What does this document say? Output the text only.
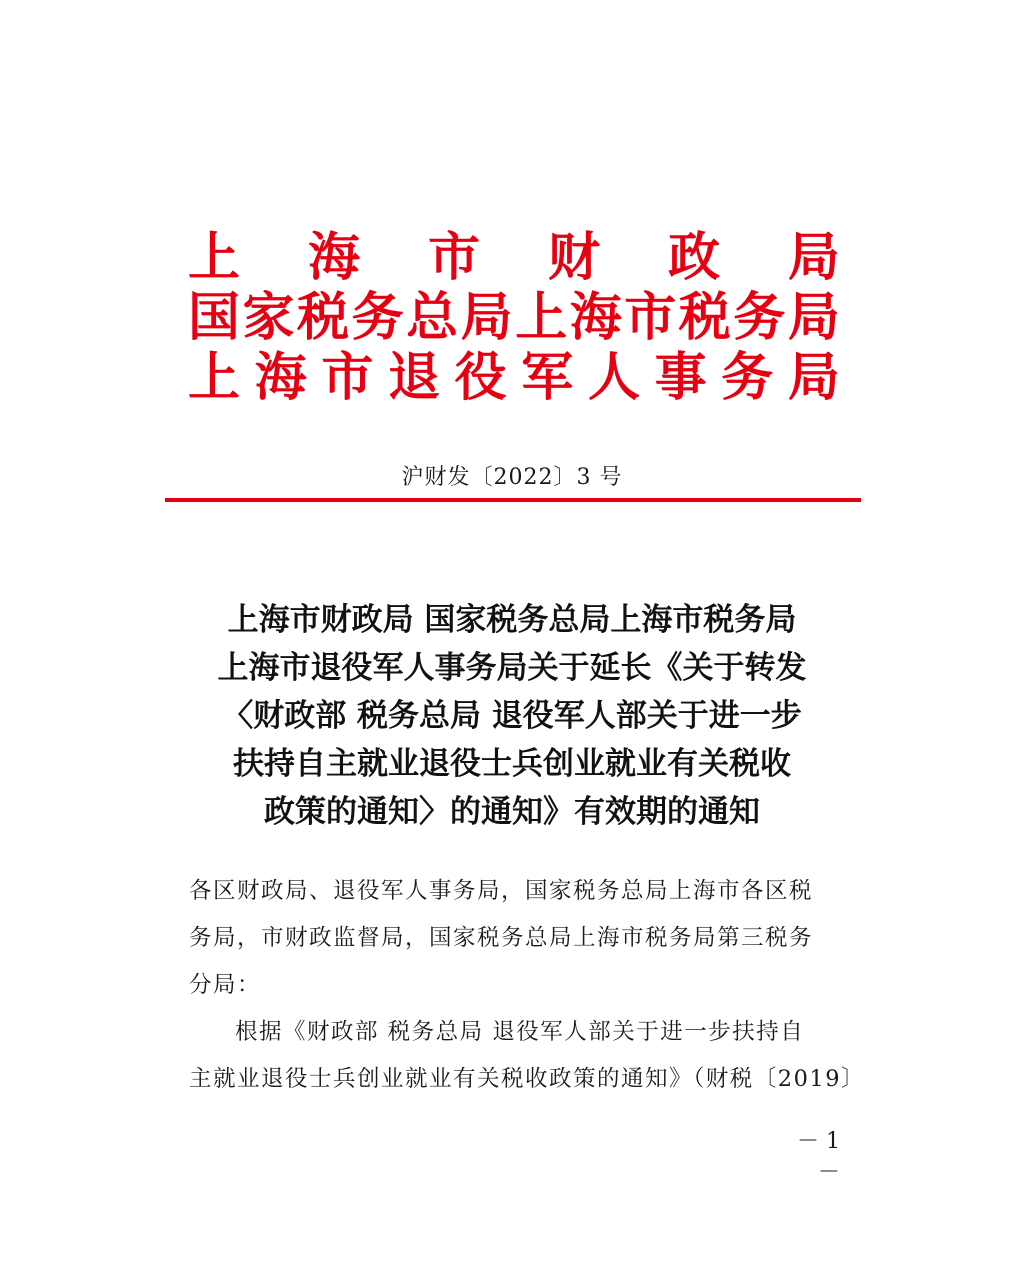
上 海 市 财 政 局
国 家 税 务 总 局 上 海 市 税 务 局
上 海 市 退 役 军 人 事 务 局
沪财发〔2022〕3 号
上海市财政局 国家税务总局上海市税务局
上海市退役军人事务局关于延长《关于转发
〈财政部 税务总局 退役军人部关于进一步
扶持自主就业退役士兵创业就业有关税收
政策的通知〉的通知》有效期的通知
各区财政局、退役军人事务局，国家税务总局上海市各区税
务局，市财政监督局，国家税务总局上海市税务局第三税务
分局：
根据《财政部 税务总局 退役军人部关于进一步扶持自
主就业退役士兵创业就业有关税收政策的通知》（财税〔2019〕
－ 1 －
